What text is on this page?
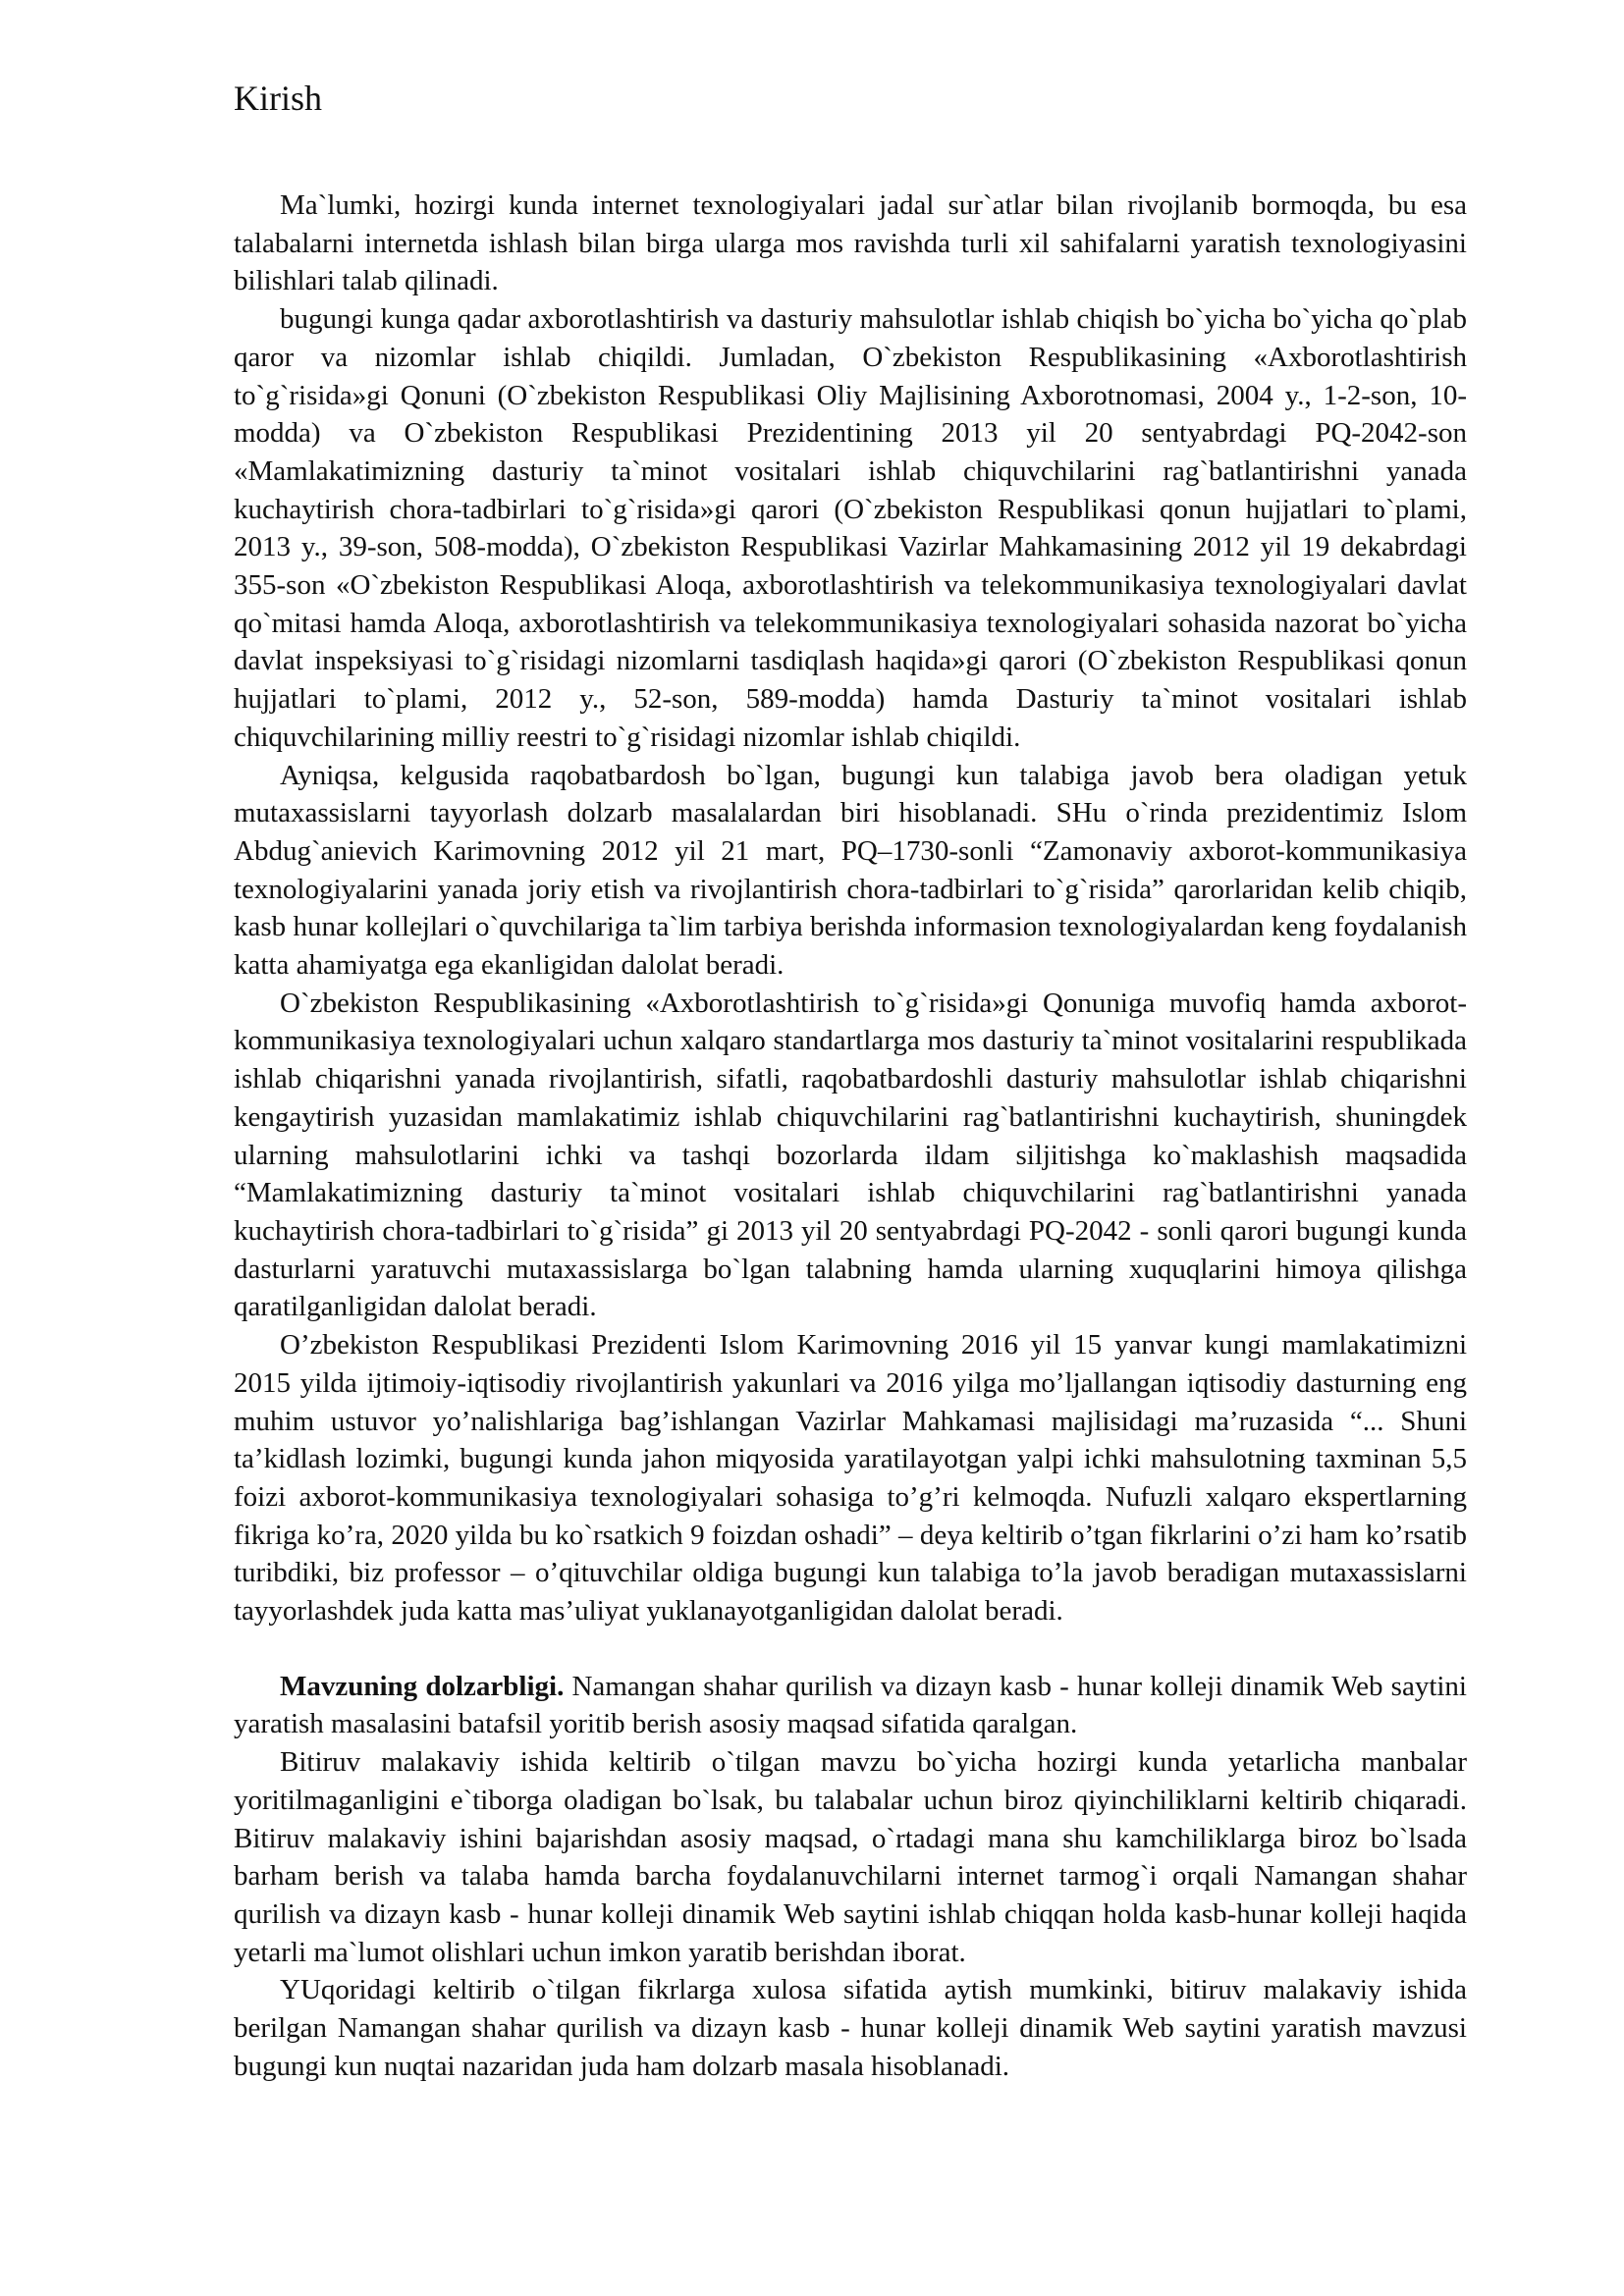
Kirish

Ma`lumki, hozirgi kunda internet texnologiyalari jadal sur`atlar bilan rivojlanib bormoqda, bu esa talabalarni internetda ishlash bilan birga ularga mos ravishda turli xil sahifalarni yaratish texnologiyasini bilishlari talab qilinadi.

bugungi kunga qadar axborotlashtirish va dasturiy mahsulotlar ishlab chiqish bo`yicha bo`yicha qo`plab qaror va nizomlar ishlab chiqildi. Jumladan, O`zbekiston Respublikasining «Axborotlashtirish to`g`risida»gi Qonuni (O`zbekiston Respublikasi Oliy Majlisining Axborotnomasi, 2004 y., 1-2-son, 10-modda) va O`zbekiston Respublikasi Prezidentining 2013 yil 20 sentyabrdagi PQ-2042-son «Mamlakatimizning dasturiy ta`minot vositalari ishlab chiquvchilarini rag`batlantirishni yanada kuchaytirish chora-tadbirlari to`g`risida»gi qarori (O`zbekiston Respublikasi qonun hujjatlari to`plami, 2013 y., 39-son, 508-modda), O`zbekiston Respublikasi Vazirlar Mahkamasining 2012 yil 19 dekabrdagi 355-son «O`zbekiston Respublikasi Aloqa, axborotlashtirish va telekommunikasiya texnologiyalari davlat qo`mitasi hamda Aloqa, axborotlashtirish va telekommunikasiya texnologiyalari sohasida nazorat bo`yicha davlat inspeksiyasi to`g`risidagi nizomlarni tasdiqlash haqida»gi qarori (O`zbekiston Respublikasi qonun hujjatlari to`plami, 2012 y., 52-son, 589-modda) hamda Dasturiy ta`minot vositalari ishlab chiquvchilarining milliy reestri to`g`risidagi nizomlar ishlab chiqildi.

Ayniqsa, kelgusida raqobatbardosh bo`lgan, bugungi kun talabiga javob bera oladigan yetuk mutaxassislarni tayyorlash dolzarb masalalardan biri hisoblanadi. SHu o`rinda prezidentimiz Islom Abdug`anievich Karimovning 2012 yil 21 mart, PQ–1730-sonli “Zamonaviy axborot-kommunikasiya texnologiyalarini yanada joriy etish va rivojlantirish chora-tadbirlari to`g`risida” qarorlaridan kelib chiqib, kasb hunar kollejlari o`quvchilariga ta`lim tarbiya berishda informasion texnologiyalardan keng foydalanish katta ahamiyatga ega ekanligidan dalolat beradi.

O`zbekiston Respublikasining «Axborotlashtirish to`g`risida»gi Qonuniga muvofiq hamda axborot-kommunikasiya texnologiyalari uchun xalqaro standartlarga mos dasturiy ta`minot vositalarini respublikada ishlab chiqarishni yanada rivojlantirish, sifatli, raqobatbardoshli dasturiy mahsulotlar ishlab chiqarishni kengaytirish yuzasidan mamlakatimiz ishlab chiquvchilarini rag`batlantirishni kuchaytirish, shuningdek ularning mahsulotlarini ichki va tashqi bozorlarda ildam siljitishga ko`maklashish maqsadida “Mamlakatimizning dasturiy ta`minot vositalari ishlab chiquvchilarini rag`batlantirishni yanada kuchaytirish chora-tadbirlari to`g`risida” gi 2013 yil 20 sentyabrdagi PQ-2042 - sonli qarori bugungi kunda dasturlarni yaratuvchi mutaxassislarga bo`lgan talabning hamda ularning xuquqlarini himoya qilishga qaratilganligidan dalolat beradi.

O’zbekiston Respublikasi Prezidenti Islom Karimovning 2016 yil 15 yanvar kungi mamlakatimizni 2015 yilda ijtimoiy-iqtisodiy rivojlantirish yakunlari va 2016 yilga mo’ljallangan iqtisodiy dasturning eng muhim ustuvor yo’nalishlariga bag’ishlangan Vazirlar Mahkamasi majlisidagi ma’ruzasida “... Shuni ta’kidlash lozimki, bugungi kunda jahon miqyosida yaratilayotgan yalpi ichki mahsulotning taxminan 5,5 foizi axborot-kommunikasiya texnologiyalari sohasiga to’g’ri kelmoqda. Nufuzli xalqaro ekspertlarning fikriga ko’ra, 2020 yilda bu ko`rsatkich 9 foizdan oshadi” – deya keltirib o’tgan fikrlarini o’zi ham ko’rsatib turibdiki, biz professor – o’qituvchilar oldiga bugungi kun talabiga to’la javob beradigan mutaxassislarni tayyorlashdek juda katta mas’uliyat yuklanayotganligidan dalolat beradi.

Mavzuning dolzarbligi. Namangan shahar qurilish va dizayn kasb - hunar kolleji dinamik Web saytini yaratish masalasini batafsil yoritib berish asosiy maqsad sifatida qaralgan.

Bitiruv malakaviy ishida keltirib o`tilgan mavzu bo`yicha hozirgi kunda yetarlicha manbalar yoritilmaganligini e`tiborga oladigan bo`lsak, bu talabalar uchun biroz qiyinchiliklarni keltirib chiqaradi. Bitiruv malakaviy ishini bajarishdan asosiy maqsad, o`rtadagi mana shu kamchiliklarga biroz bo`lsada barham berish va talaba hamda barcha foydalanuvchilarni internet tarmog`i orqali Namangan shahar qurilish va dizayn kasb - hunar kolleji dinamik Web saytini ishlab chiqqan holda kasb-hunar kolleji haqida yetarli ma`lumot olishlari uchun imkon yaratib berishdan iborat.

YUqoridagi keltirib o`tilgan fikrlarga xulosa sifatida aytish mumkinki, bitiruv malakaviy ishida berilgan Namangan shahar qurilish va dizayn kasb - hunar kolleji dinamik Web saytini yaratish mavzusi bugungi kun nuqtai nazaridan juda ham dolzarb masala hisoblanadi.
